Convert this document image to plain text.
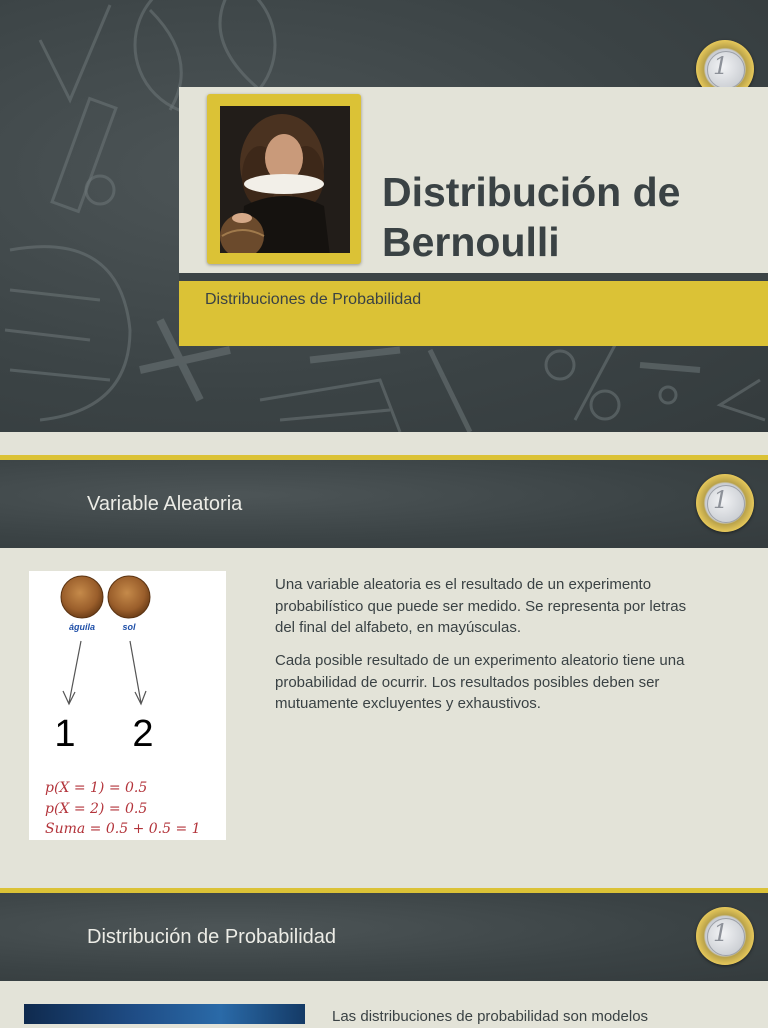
1
Distribución de
Bernoulli
Distribuciones de Probabilidad
Variable Aleatoria	1
águila	sol
1 2
p(X = 1) = 0.5
p(X = 2) = 0.5
Suma = 0.5 + 0.5 = 1

Una variable aleatoria es el resultado de un experimento probabilístico que puede ser medido. Se representa por letras del final del alfabeto, en mayúsculas.

Cada posible resultado de un experimento aleatorio tiene una probabilidad de ocurrir. Los resultados posibles deben ser mutuamente excluyentes y exhaustivos.

Distribución de Probabilidad	1

Las distribuciones de probabilidad son modelos
